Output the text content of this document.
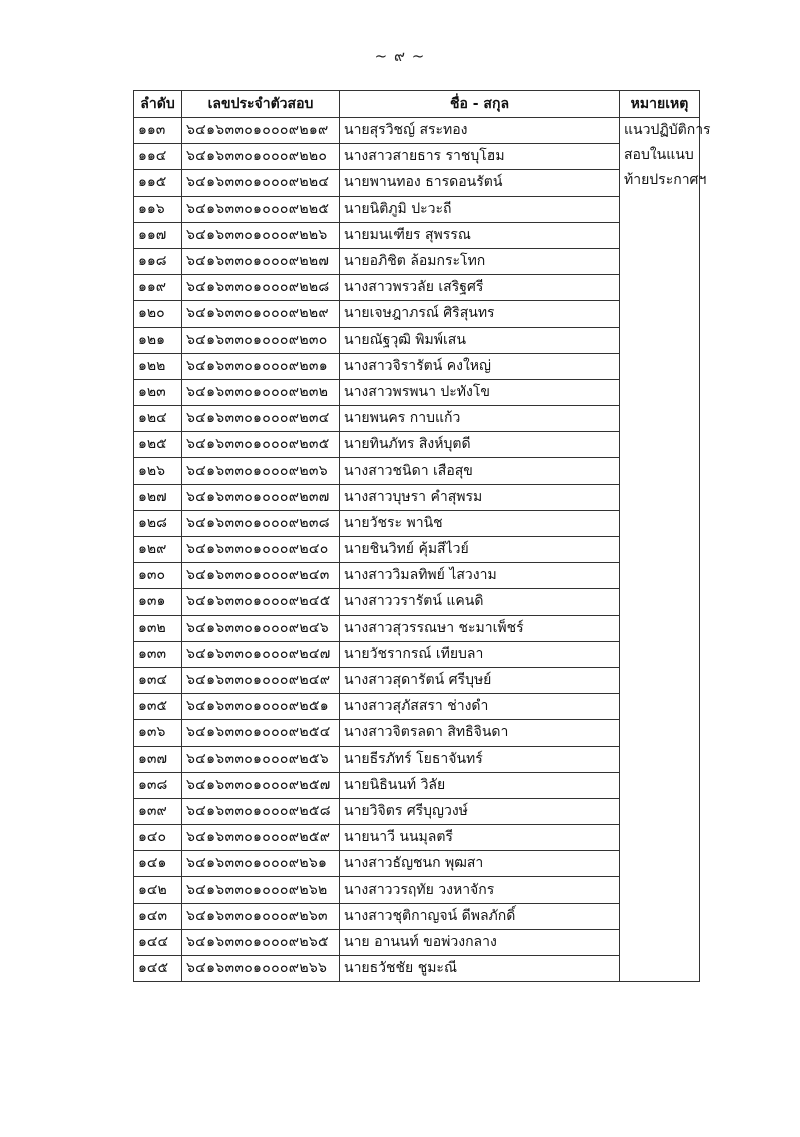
~ ๙ ~
ลำดับ	เลขประจำตัวสอบ	ชื่อ - สกุล	หมายเหตุ
๑๑๓	๖๔๑๖๓๓๐๑๐๐๐๙๒๑๙	นายสุรวิชญ์ สระทอง	แนวปฏิบัติการ
สอบในแนบ
ท้ายประกาศฯ

๑๑๔	๖๔๑๖๓๓๐๑๐๐๐๙๒๒๐	นางสาวสายธาร ราชบุโฮม	
๑๑๕	๖๔๑๖๓๓๐๑๐๐๐๙๒๒๔	นายพานทอง ธารดอนรัตน์	
๑๑๖	๖๔๑๖๓๓๐๑๐๐๐๙๒๒๕	นายนิติภูมิ ปะวะถี	
๑๑๗	๖๔๑๖๓๓๐๑๐๐๐๙๒๒๖	นายมนเฑียร สุพรรณ	
๑๑๘	๖๔๑๖๓๓๐๑๐๐๐๙๒๒๗	นายอภิชิต ล้อมกระโทก	
๑๑๙	๖๔๑๖๓๓๐๑๐๐๐๙๒๒๘	นางสาวพรวลัย เสริฐศรี	
๑๒๐	๖๔๑๖๓๓๐๑๐๐๐๙๒๒๙	นายเจษฎาภรณ์ ศิริสุนทร	
๑๒๑	๖๔๑๖๓๓๐๑๐๐๐๙๒๓๐	นายณัฐวุฒิ พิมพ์เสน	
๑๒๒	๖๔๑๖๓๓๐๑๐๐๐๙๒๓๑	นางสาวจิรารัตน์ คงใหญ่	
๑๒๓	๖๔๑๖๓๓๐๑๐๐๐๙๒๓๒	นางสาวพรพนา ปะทังโข	
๑๒๔	๖๔๑๖๓๓๐๑๐๐๐๙๒๓๔	นายพนคร กาบแก้ว	
๑๒๕	๖๔๑๖๓๓๐๑๐๐๐๙๒๓๕	นายทินภัทร สิงห์บุตดี	
๑๒๖	๖๔๑๖๓๓๐๑๐๐๐๙๒๓๖	นางสาวชนิดา เสือสุข	
๑๒๗	๖๔๑๖๓๓๐๑๐๐๐๙๒๓๗	นางสาวบุษรา คำสุพรม	
๑๒๘	๖๔๑๖๓๓๐๑๐๐๐๙๒๓๘	นายวัชระ พานิช	
๑๒๙	๖๔๑๖๓๓๐๑๐๐๐๙๒๔๐	นายชินวิทย์ คุ้มสีไวย์	
๑๓๐	๖๔๑๖๓๓๐๑๐๐๐๙๒๔๓	นางสาววิมลทิพย์ ไสวงาม	
๑๓๑	๖๔๑๖๓๓๐๑๐๐๐๙๒๔๕	นางสาววรารัตน์ แคนดิ	
๑๓๒	๖๔๑๖๓๓๐๑๐๐๐๙๒๔๖	นางสาวสุวรรณษา ชะมาเพ็ชร์	
๑๓๓	๖๔๑๖๓๓๐๑๐๐๐๙๒๔๗	นายวัชรากรณ์ เทียบลา	
๑๓๔	๖๔๑๖๓๓๐๑๐๐๐๙๒๔๙	นางสาวสุดารัตน์ ศรีบุษย์	
๑๓๕	๖๔๑๖๓๓๐๑๐๐๐๙๒๕๑	นางสาวสุภัสสรา ช่างดำ	
๑๓๖	๖๔๑๖๓๓๐๑๐๐๐๙๒๕๔	นางสาวจิตรลดา สิทธิจินดา	
๑๓๗	๖๔๑๖๓๓๐๑๐๐๐๙๒๕๖	นายธีรภัทร์ โยธาจันทร์	
๑๓๘	๖๔๑๖๓๓๐๑๐๐๐๙๒๕๗	นายนิธินนท์ วิลัย	
๑๓๙	๖๔๑๖๓๓๐๑๐๐๐๙๒๕๘	นายวิจิตร ศรีบุญวงษ์	
๑๔๐	๖๔๑๖๓๓๐๑๐๐๐๙๒๕๙	นายนาวี นนมุลตรี	
๑๔๑	๖๔๑๖๓๓๐๑๐๐๐๙๒๖๑	นางสาวธัญชนก พุฒสา	
๑๔๒	๖๔๑๖๓๓๐๑๐๐๐๙๒๖๒	นางสาววรฤทัย วงหาจักร	
๑๔๓	๖๔๑๖๓๓๐๑๐๐๐๙๒๖๓	นางสาวชุติกาญจน์ ดีพลภักดิ์	
๑๔๔	๖๔๑๖๓๓๐๑๐๐๐๙๒๖๕	นาย อานนท์ ขอพ่วงกลาง	
๑๔๕	๖๔๑๖๓๓๐๑๐๐๐๙๒๖๖	นายธวัชชัย ชูมะณี	
